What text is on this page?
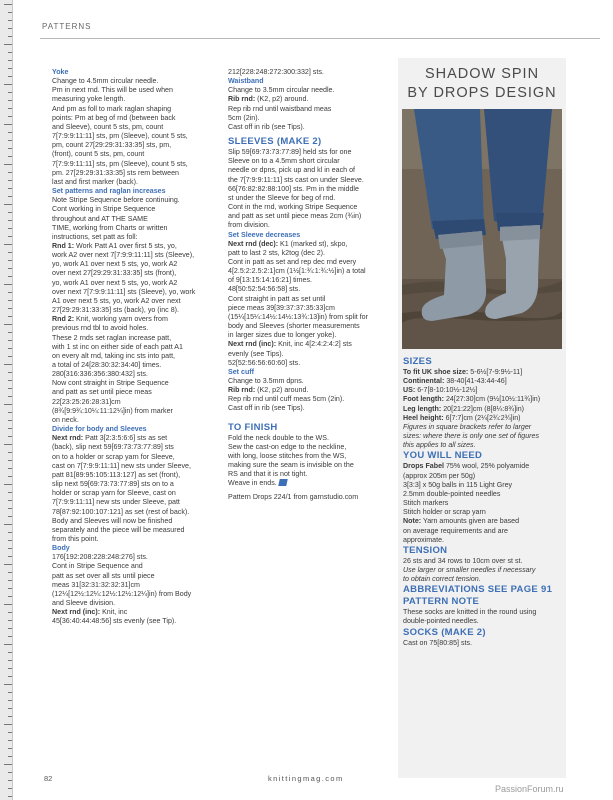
PATTERNS

Yoke

Change to 4.5mm circular needle.

Pm in next rnd. This will be used when

measuring yoke length.

And pm as foll to mark raglan shaping

points: Pm at beg of rnd (between back

and Sleeve), count 5 sts, pm, count

7[7:9:9:11:11] sts, pm (Sleeve), count 5 sts,

pm, count 27[29:29:31:33:35] sts, pm,

(front), count 5 sts, pm, count

7[7:9:9:11:11] sts, pm (Sleeve), count 5 sts,

pm. 27[29:29:31:33:35] sts rem between

last and first marker (back).

Set patterns and raglan increases

Note Stripe Sequence before continuing.

Cont working in Stripe Sequence

throughout and AT THE SAME

TIME, working from Charts or written

instructions, set patt as foll:

Rnd 1: Work Patt A1 over first 5 sts, yo,

work A2 over next 7[7:9:9:11:11] sts (Sleeve),

yo, work A1 over next 5 sts, yo, work A2

over next 27[29:29:31:33:35] sts (front),

yo, work A1 over next 5 sts, yo, work A2

over next 7[7:9:9:11:11] sts (Sleeve), yo, work

A1 over next 5 sts, yo, work A2 over next

27[29:29:31:33:35] sts (back), yo (inc 8).

Rnd 2: Knit, working yarn overs from

previous rnd tbl to avoid holes.

These 2 rnds set raglan increase patt,

with 1 st inc on either side of each patt A1

on every alt rnd, taking inc sts into patt,

a total of 24[28:30:32:34:40] times.

280[316:336:356:380:432] sts.

Now cont straight in Stripe Sequence

and patt as set until piece meas

22[23:25:26:28:31]cm

(8¾[9:9¾:10¼:11:12¼]in) from marker

on neck.

Divide for body and Sleeves

Next rnd: Patt 3[2:3:5:6:6] sts as set

(back), slip next 59[69:73:73:77:89] sts

on to a holder or scrap yarn for Sleeve,

cast on 7[7:9:9:11:11] new sts under Sleeve,

patt 81[89:95:105:113:127] as set (front),

slip next 59[69:73:73:77:89] sts on to a

holder or scrap yarn for Sleeve, cast on

7[7:9:9:11:11] new sts under Sleeve, patt

78[87:92:100:107:121] as set (rest of back).

Body and Sleeves will now be finished

separately and the piece will be measured

from this point.

Body

176[192:208:228:248:276] sts.

Cont in Stripe Sequence and

patt as set over all sts until piece

meas 31[32:31:32:32:31]cm

(12¼[12½:12¼:12½:12½:12¼]in) from Body

and Sleeve division.

Next rnd (inc): Knit, inc

45[36:40:44:48:56] sts evenly (see Tip).

212[228:248:272:300:332] sts.

Waistband

Change to 3.5mm circular needle.

Rib rnd: (K2, p2) around.

Rep rib rnd until waistband meas

5cm (2in).

Cast off in rib (see Tips).

SLEEVES (MAKE 2)

Slip 59[69:73:73:77:89] held sts for one

Sleeve on to a 4.5mm short circular

needle or dpns, pick up and kl in each of

the 7[7:9:9:11:11] sts cast on under Sleeve.

66[76:82:82:88:100] sts. Pm in the middle

st under the Sleeve for beg of rnd.

Cont in the rnd, working Stripe Sequence

and patt as set until piece meas 2cm (¾in)

from division.

Set Sleeve decreases

Next rnd (dec): K1 (marked st), skpo,

patt to last 2 sts, k2tog (dec 2).

Cont in patt as set and rep dec rnd every

4[2.5:2:2.5:2:1]cm (1½[1:¾:1:¾:½]in) a total

of 9[13:15:14:16:21] times.

48[50:52:54:56:58] sts.

Cont straight in patt as set until

piece meas 39[39:37:37:35:33]cm

(15¼[15¼:14½:14½:13¾:13]in) from split for

body and Sleeves (shorter measurements

in larger sizes due to longer yoke).

Next rnd (inc): Knit, inc 4[2:4:2:4:2] sts

evenly (see Tips).

52[52:56:56:60:60] sts.

Set cuff

Change to 3.5mm dpns.

Rib rnd: (K2, p2) around.

Rep rib rnd until cuff meas 5cm (2in).

Cast off in rib (see Tips).

TO FINISH

Fold the neck double to the WS.

Sew the cast-on edge to the neckline,

with long, loose stitches from the WS,

making sure the seam is invisible on the

RS and that it is not tight.

Weave in ends.

Pattern Drops 224/1 from garnstudio.com

SHADOW SPIN
BY DROPS DESIGN

SIZES

To fit UK shoe size: 5-6½[7-9:9½-11]

Continental: 38-40[41-43:44-46]

US: 6-7[8-10:10½-12½]

Foot length: 24[27:30]cm (9½[10½:11¾]in)

Leg length: 20[21:22]cm (8[8¼:8¾]in)

Heel height: 6[7:7]cm (2¼[2¾:2¾]in)

Figures in square brackets refer to larger

sizes: where there is only one set of figures

this applies to all sizes.

YOU WILL NEED

Drops Fabel 75% wool, 25% polyamide

(approx 205m per 50g)

3[3:3] x 50g balls in 115 Light Grey

2.5mm double-pointed needles

Stitch markers

Stitch holder or scrap yarn

Note: Yarn amounts given are based

on average requirements and are

approximate.

TENSION

26 sts and 34 rows to 10cm over st st.

Use larger or smaller needles if necessary

to obtain correct tension.

ABBREVIATIONS SEE PAGE 91

PATTERN NOTE

These socks are knitted in the round using

double-pointed needles.

SOCKS (MAKE 2)

Cast on 75[80:85] sts.

82	knittingmag.com
PassionForum.ru
